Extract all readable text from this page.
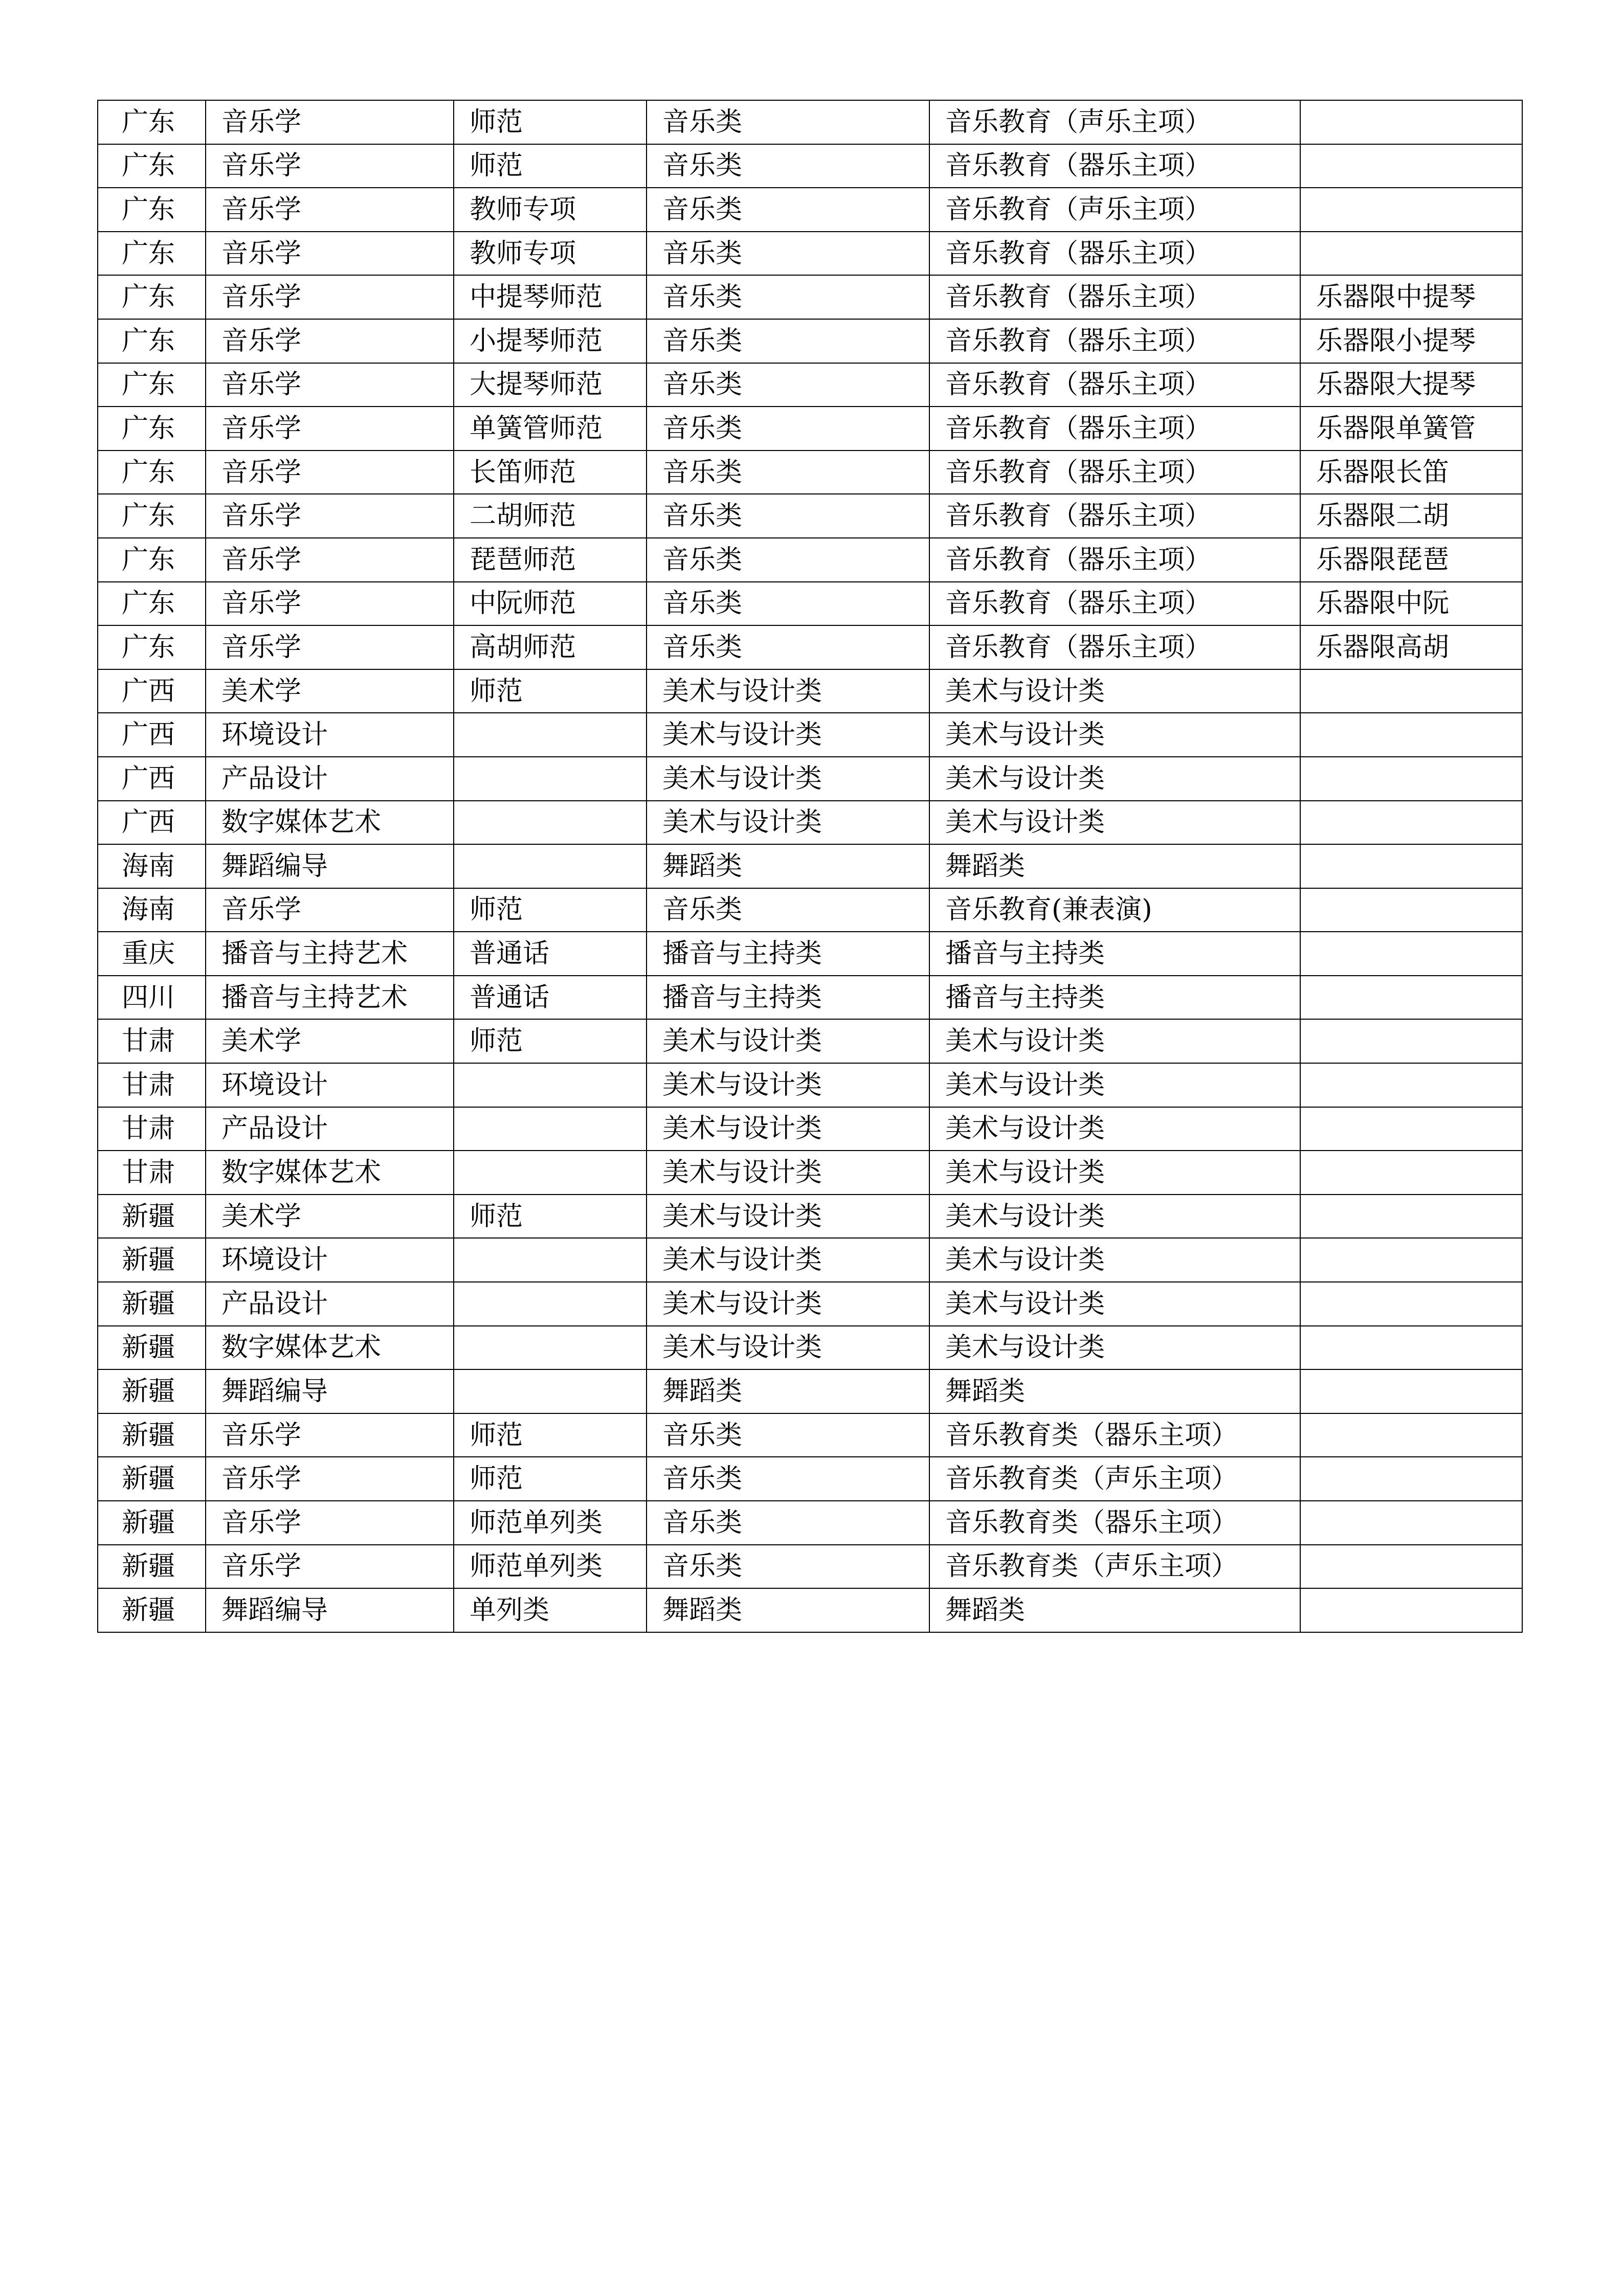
广东	音乐学	师范	音乐类	音乐教育（声乐主项）	
广东	音乐学	师范	音乐类	音乐教育（器乐主项）	
广东	音乐学	教师专项	音乐类	音乐教育（声乐主项）	
广东	音乐学	教师专项	音乐类	音乐教育（器乐主项）	
广东	音乐学	中提琴师范	音乐类	音乐教育（器乐主项）	乐器限中提琴
广东	音乐学	小提琴师范	音乐类	音乐教育（器乐主项）	乐器限小提琴
广东	音乐学	大提琴师范	音乐类	音乐教育（器乐主项）	乐器限大提琴
广东	音乐学	单簧管师范	音乐类	音乐教育（器乐主项）	乐器限单簧管
广东	音乐学	长笛师范	音乐类	音乐教育（器乐主项）	乐器限长笛
广东	音乐学	二胡师范	音乐类	音乐教育（器乐主项）	乐器限二胡
广东	音乐学	琵琶师范	音乐类	音乐教育（器乐主项）	乐器限琵琶
广东	音乐学	中阮师范	音乐类	音乐教育（器乐主项）	乐器限中阮
广东	音乐学	高胡师范	音乐类	音乐教育（器乐主项）	乐器限高胡
广西	美术学	师范	美术与设计类	美术与设计类	
广西	环境设计		美术与设计类	美术与设计类	
广西	产品设计		美术与设计类	美术与设计类	
广西	数字媒体艺术		美术与设计类	美术与设计类	
海南	舞蹈编导		舞蹈类	舞蹈类	
海南	音乐学	师范	音乐类	音乐教育(兼表演)	
重庆	播音与主持艺术	普通话	播音与主持类	播音与主持类	
四川	播音与主持艺术	普通话	播音与主持类	播音与主持类	
甘肃	美术学	师范	美术与设计类	美术与设计类	
甘肃	环境设计		美术与设计类	美术与设计类	
甘肃	产品设计		美术与设计类	美术与设计类	
甘肃	数字媒体艺术		美术与设计类	美术与设计类	
新疆	美术学	师范	美术与设计类	美术与设计类	
新疆	环境设计		美术与设计类	美术与设计类	
新疆	产品设计		美术与设计类	美术与设计类	
新疆	数字媒体艺术		美术与设计类	美术与设计类	
新疆	舞蹈编导		舞蹈类	舞蹈类	
新疆	音乐学	师范	音乐类	音乐教育类（器乐主项）	
新疆	音乐学	师范	音乐类	音乐教育类（声乐主项）	
新疆	音乐学	师范单列类	音乐类	音乐教育类（器乐主项）	
新疆	音乐学	师范单列类	音乐类	音乐教育类（声乐主项）	
新疆	舞蹈编导	单列类	舞蹈类	舞蹈类	
